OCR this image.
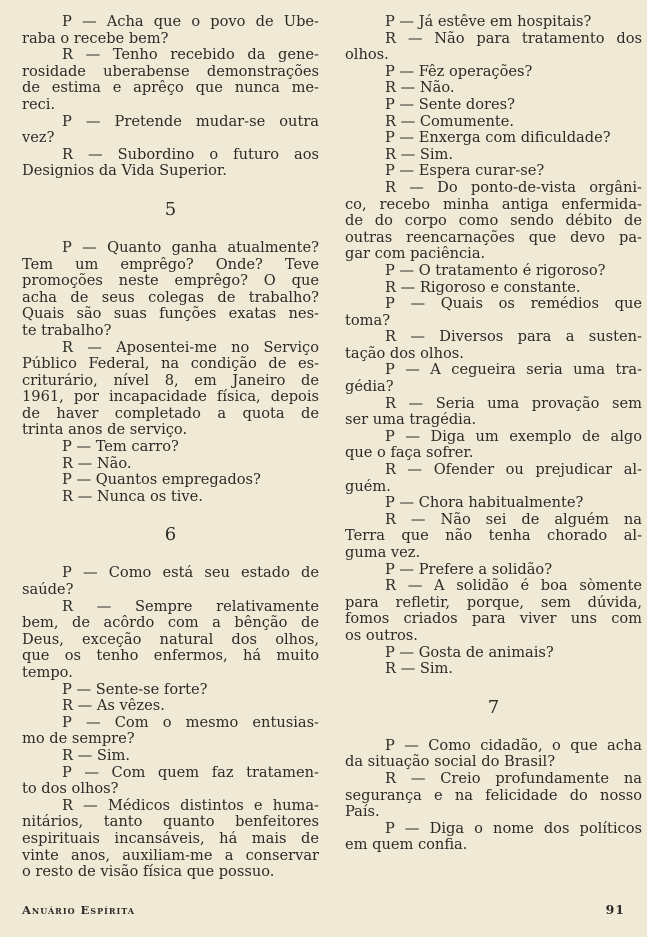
P — Acha que o povo de Ube-
raba o recebe bem?
R — Tenho recebido da gene-
rosidade uberabense demonstrações
de estima e aprêço que nunca me-
reci.
P — Pretende mudar-se outra
vez?
R — Subordino o futuro aos
Designios da Vida Superior.
5
P — Quanto ganha atualmente?
Tem um emprêgo? Onde? Teve
promoções neste emprêgo? O que
acha de seus colegas de trabalho?
Quais são suas funções exatas nes-
te trabalho?
R — Aposentei-me no Serviço
Público Federal, na condição de es-
criturário, nível 8, em Janeiro de
1961, por incapacidade física, depois
de haver completado a quota de
trinta anos de serviço.
P — Tem carro?
R — Não.
P — Quantos empregados?
R — Nunca os tive.
6
P — Como está seu estado de
saúde?
R — Sempre relativamente
bem, de acôrdo com a bênção de
Deus, exceção natural dos olhos,
que os tenho enfermos, há muito
tempo.
P — Sente-se forte?
R — Às vêzes.
P — Com o mesmo entusias-
mo de sempre?
R — Sim.
P — Com quem faz tratamen-
to dos olhos?
R — Médicos distintos e huma-
nitários, tanto quanto benfeitores
espirituais incansáveis, há mais de
vinte anos, auxiliam-me a conservar
o resto de visão física que possuo.
P — Já estêve em hospitais?
R — Não para tratamento dos
olhos.
P — Fêz operações?
R — Não.
P — Sente dores?
R — Comumente.
P — Enxerga com dificuldade?
R — Sim.
P — Espera curar-se?
R — Do ponto-de-vista orgâni-
co, recebo minha antiga enfermida-
de do corpo como sendo débito de
outras reencarnações que devo pa-
gar com paciência.
P — O tratamento é rigoroso?
R — Rigoroso e constante.
P — Quais os remédios que
toma?
R — Diversos para a susten-
tação dos olhos.
P — A cegueira seria uma tra-
gédia?
R — Seria uma provação sem
ser uma tragédia.
P — Diga um exemplo de algo
que o faça sofrer.
R — Ofender ou prejudicar al-
guém.
P — Chora habitualmente?
R — Não sei de alguém na
Terra que não tenha chorado al-
guma vez.
P — Prefere a solidão?
R — A solidão é boa sòmente
para refletir, porque, sem dúvida,
fomos criados para viver uns com
os outros.
P — Gosta de animais?
R — Sim.
7
P — Como cidadão, o que acha
da situação social do Brasil?
R — Creio profundamente na
segurança e na felicidade do nosso
País.
P — Diga o nome dos políticos
em quem confia.
Anuário Espírita	91
